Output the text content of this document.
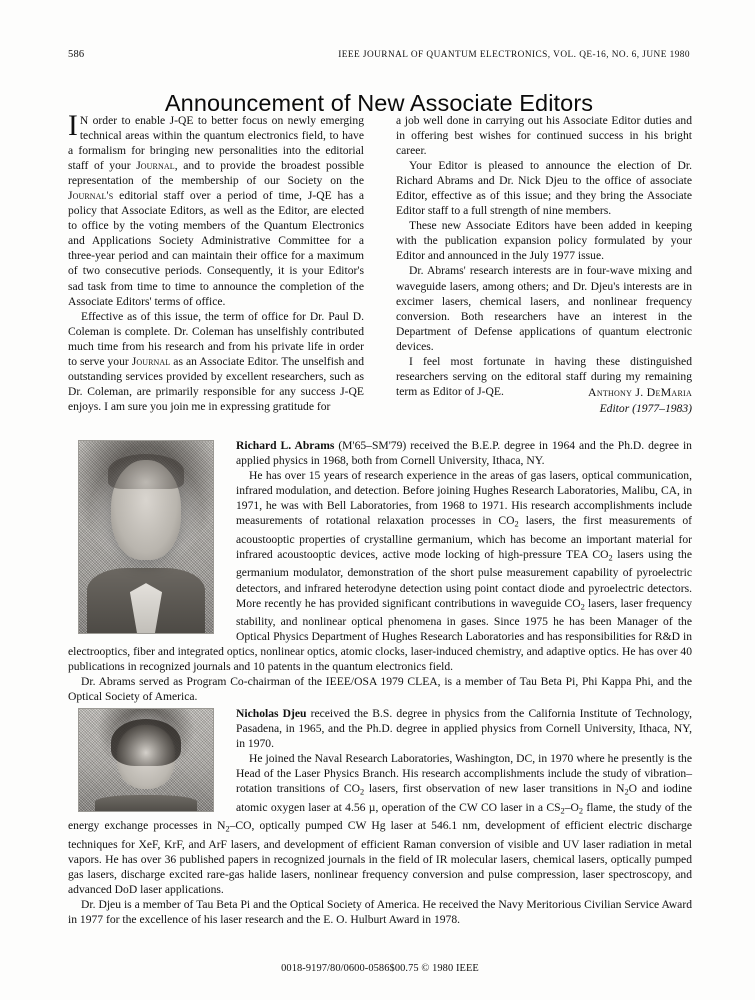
586	IEEE JOURNAL OF QUANTUM ELECTRONICS, VOL. QE-16, NO. 6, JUNE 1980
Announcement of New Associate Editors

I N order to enable J-QE to better focus on newly emerging technical areas within the quantum electronics field, to have a formalism for bringing new personalities into the editorial staff of your Journal, and to provide the broadest possible representation of the membership of our Society on the Journal's editorial staff over a period of time, J-QE has a policy that Associate Editors, as well as the Editor, are elected to office by the voting members of the Quantum Electronics and Applications Society Administrative Committee for a three-year period and can maintain their office for a maximum of two consecutive periods. Consequently, it is your Editor's sad task from time to time to announce the completion of the Associate Editors' terms of office.

Effective as of this issue, the term of office for Dr. Paul D. Coleman is complete. Dr. Coleman has unselfishly contributed much time from his research and from his private life in order to serve your Journal as an Associate Editor. The unselfish and outstanding services provided by excellent researchers, such as Dr. Coleman, are primarily responsible for any success J-QE enjoys. I am sure you join me in expressing gratitude for

a job well done in carrying out his Associate Editor duties and in offering best wishes for continued success in his bright career.

Your Editor is pleased to announce the election of Dr. Richard Abrams and Dr. Nick Djeu to the office of associate Editor, effective as of this issue; and they bring the Associate Editor staff to a full strength of nine members.

These new Associate Editors have been added in keeping with the publication expansion policy formulated by your Editor and announced in the July 1977 issue.

Dr. Abrams' research interests are in four-wave mixing and waveguide lasers, among others; and Dr. Djeu's interests are in excimer lasers, chemical lasers, and nonlinear frequency conversion. Both researchers have an interest in the Department of Defense applications of quantum electronic devices.

I feel most fortunate in having these distinguished researchers serving on the editoral staff during my remaining term as Editor of J-QE.	Anthony J. DeMaria
Editor (1977–1983)

Richard L. Abrams (M'65–SM'79) received the B.E.P. degree in 1964 and the Ph.D. degree in applied physics in 1968, both from Cornell University, Ithaca, NY.

He has over 15 years of research experience in the areas of gas lasers, optical communication, infrared modulation, and detection. Before joining Hughes Research Laboratories, Malibu, CA, in 1971, he was with Bell Laboratories, from 1968 to 1971. His research accomplishments include measurements of rotational relaxation processes in $CO_2$ lasers, the first measurements of acoustooptic properties of crystalline germanium, which has become an important material for infrared acoustooptic devices, active mode locking of high-pressure TEA $CO_2$ lasers using the germanium modulator, demonstration of the short pulse measurement capability of pyroelectric detectors, and infrared heterodyne detection using point contact diode and pyroelectric detectors. More recently he has provided significant contributions in waveguide $CO_2$ lasers, laser frequency stability, and nonlinear optical phenomena in gases. Since 1975 he has been Manager of the Optical Physics Department of Hughes Research Laboratories and has responsibilities for R&D in electrooptics, fiber and integrated optics, nonlinear optics, atomic clocks, laser-induced chemistry, and adaptive optics. He has over 40 publications in recognized journals and 10 patents in the quantum electronics field.

Dr. Abrams served as Program Co-chairman of the IEEE/OSA 1979 CLEA, is a member of Tau Beta Pi, Phi Kappa Phi, and the Optical Society of America.

Nicholas Djeu received the B.S. degree in physics from the California Institute of Technology, Pasadena, in 1965, and the Ph.D. degree in applied physics from Cornell University, Ithaca, NY, in 1970.

He joined the Naval Research Laboratories, Washington, DC, in 1970 where he presently is the Head of the Laser Physics Branch. His research accomplishments include the study of vibration–rotation transitions of $CO_2$ lasers, first observation of new laser transitions in $N_2O$ and iodine atomic oxygen laser at 4.56 µ, operation of the CW CO laser in a $CS_2-O_2$ flame, the study of the energy exchange processes in $N_2-CO$, optically pumped CW Hg laser at 546.1 nm, development of efficient electric discharge techniques for XeF, KrF, and ArF lasers, and development of efficient Raman conversion of visible and UV laser radiation in metal vapors. He has over 36 published papers in recognized journals in the field of IR molecular lasers, chemical lasers, optically pumped gas lasers, discharge excited rare-gas halide lasers, nonlinear frequency conversion and pulse compression, laser spectroscopy, and advanced DoD laser applications.

Dr. Djeu is a member of Tau Beta Pi and the Optical Society of America. He received the Navy Meritorious Civilian Service Award in 1977 for the excellence of his laser research and the E. O. Hulburt Award in 1978.

0018-9197/80/0600-0586$00.75 © 1980 IEEE
